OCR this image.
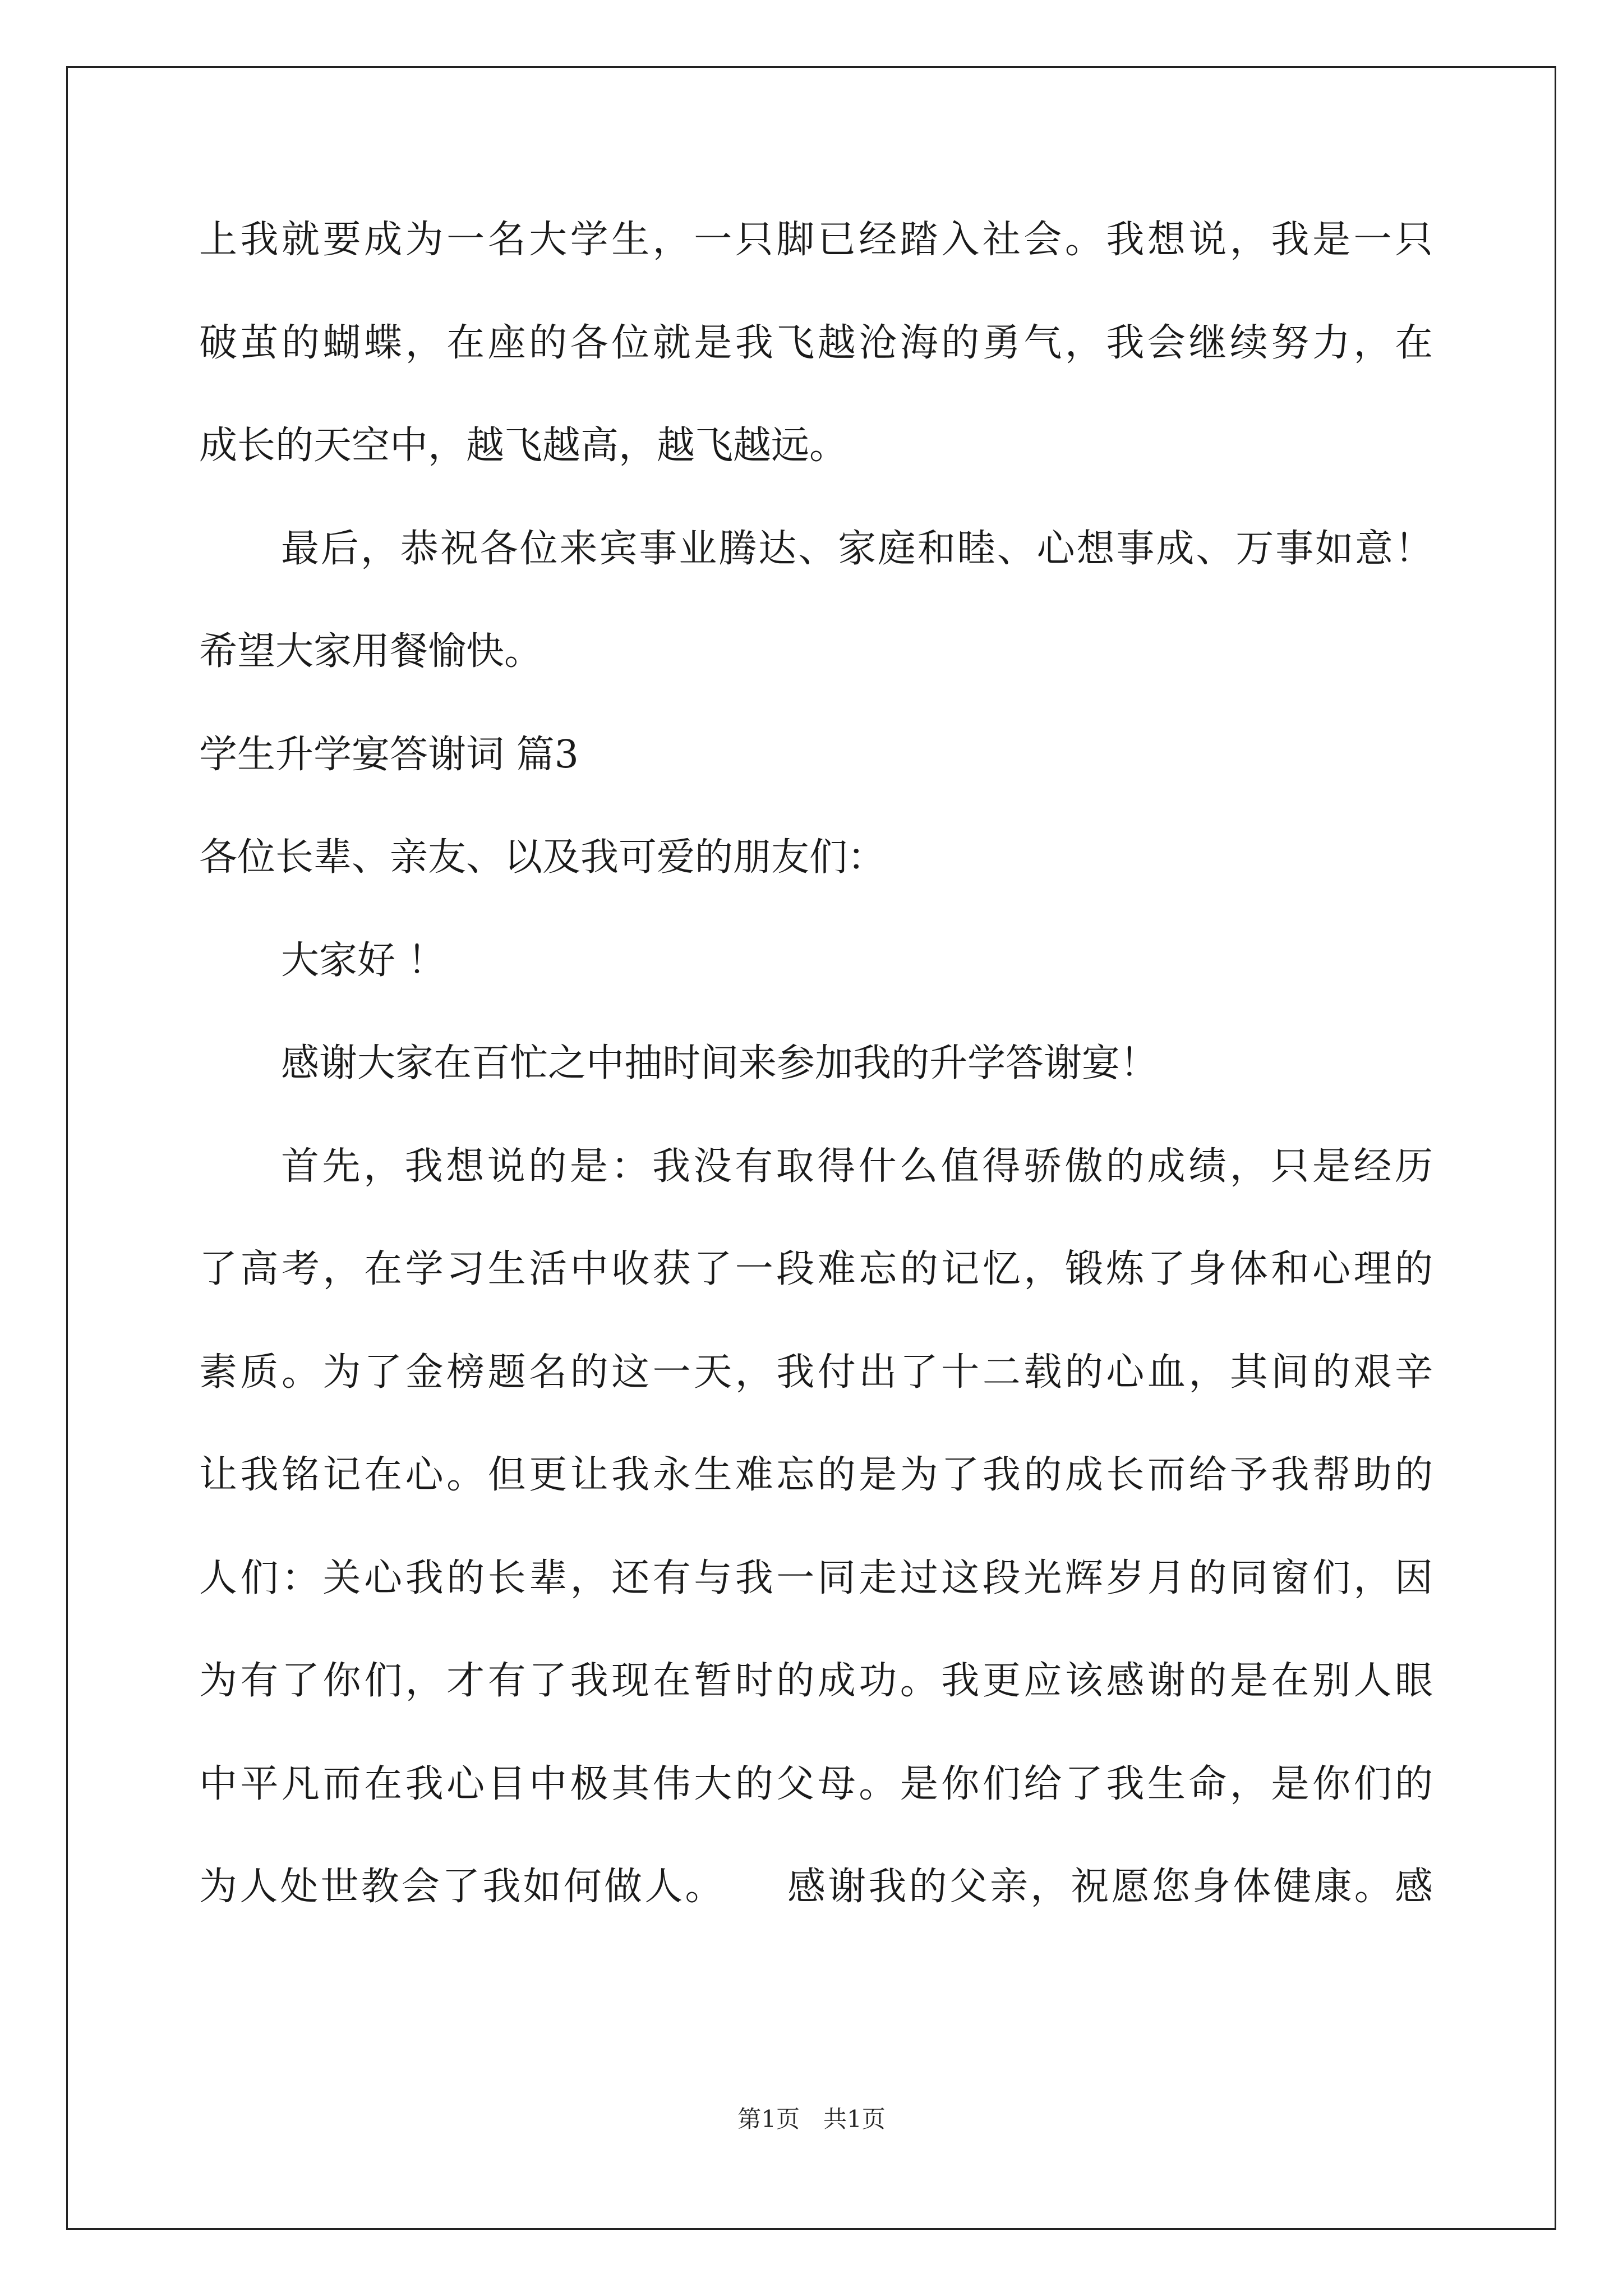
上我就要成为一名大学生，一只脚已经踏入社会。我想说，我是一只
破茧的蝴蝶，在座的各位就是我飞越沧海的勇气，我会继续努力，在
成长的天空中，越飞越高，越飞越远。
最后，恭祝各位来宾事业腾达、家庭和睦、心想事成、万事如意！
希望大家用餐愉快。
学生升学宴答谢词 篇3
各位长辈、亲友、以及我可爱的朋友们：
大家好 ！
感谢大家在百忙之中抽时间来参加我的升学答谢宴！
首先，我想说的是：我没有取得什么值得骄傲的成绩，只是经历
了高考，在学习生活中收获了一段难忘的记忆，锻炼了身体和心理的
素质。为了金榜题名的这一天，我付出了十二载的心血，其间的艰辛
让我铭记在心。但更让我永生难忘的是为了我的成长而给予我帮助的
人们：关心我的长辈，还有与我一同走过这段光辉岁月的同窗们，因
为有了你们，才有了我现在暂时的成功。我更应该感谢的是在别人眼
中平凡而在我心目中极其伟大的父母。是你们给了我生命，是你们的
为人处世教会了我如何做人。　　感谢我的父亲，祝愿您身体健康。感
第1页　共1页
